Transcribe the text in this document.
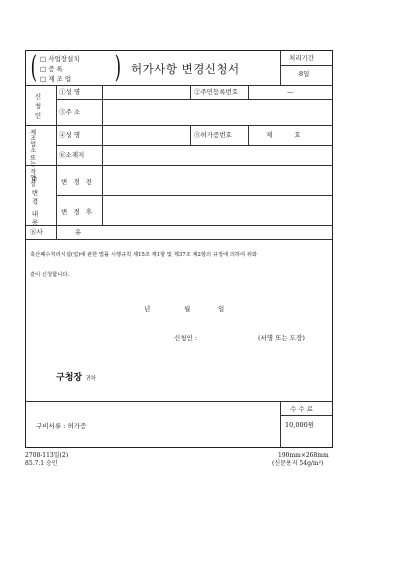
( □ 사업장설치
□ 증 록
□ 제 조 업 ) 허가사항 변경신청서
처리기간
8일
신청인
①성 명	②주민등록번호	—
③주 소
제조업소 또는 작업장	④성 명	⑤허가증번호	제 호
⑥소재지
⑦ 변경 내용	변 경 전
변 경 후
⑧사 유
축산폐수처리시설(업)에 관한 법률 시행규칙 제15조 제1항 및 제37조 제2항의 규정에 의하여 위와
같이 신청합니다.
년	월	일
신청인 :	(서명 또는 도장)
구청장 귀하
구비서류 : 허가증
수 수 료
10,000원
2708-113일(2)
85.7.1 승인
190mm×268mm
(신문용지 54g/m²)
